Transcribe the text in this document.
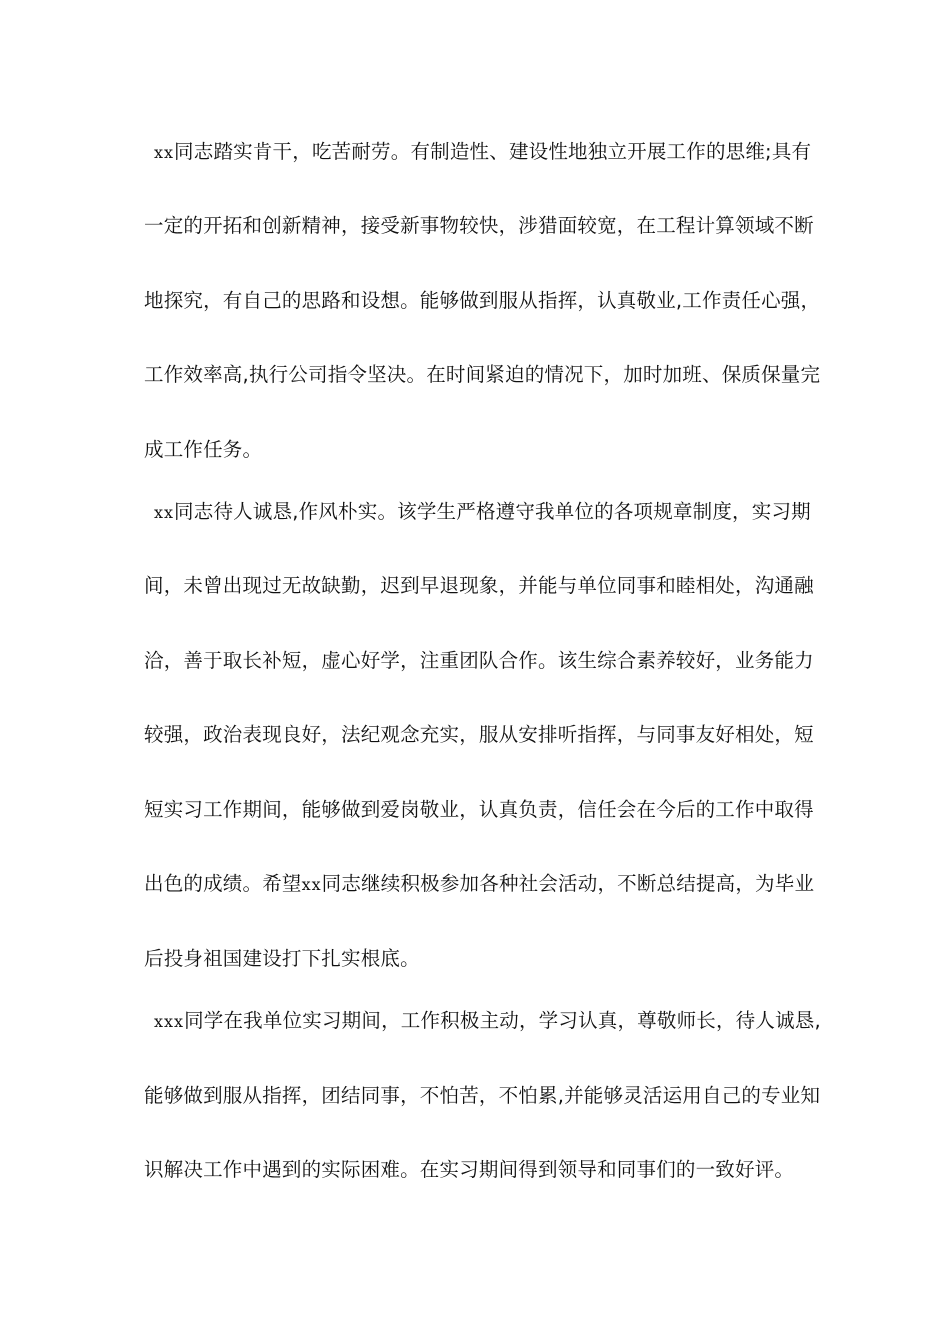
xx同志踏实肯干，吃苦耐劳。有制造性、建设性地独立开展工作的思维;具有
一定的开拓和创新精神，接受新事物较快，涉猎面较宽，在工程计算领域不断
地探究，有自己的思路和设想。能够做到服从指挥，认真敬业,工作责任心强，
工作效率高,执行公司指令坚决。在时间紧迫的情况下，加时加班、保质保量完
成工作任务。
xx同志待人诚恳,作风朴实。该学生严格遵守我单位的各项规章制度，实习期
间，未曾出现过无故缺勤，迟到早退现象，并能与单位同事和睦相处，沟通融
洽，善于取长补短，虚心好学，注重团队合作。该生综合素养较好，业务能力
较强，政治表现良好，法纪观念充实，服从安排听指挥，与同事友好相处，短
短实习工作期间，能够做到爱岗敬业，认真负责，信任会在今后的工作中取得
出色的成绩。希望xx同志继续积极参加各种社会活动，不断总结提高，为毕业
后投身祖国建设打下扎实根底。
xxx同学在我单位实习期间，工作积极主动，学习认真，尊敬师长，待人诚恳,
能够做到服从指挥，团结同事，不怕苦，不怕累,并能够灵活运用自己的专业知
识解决工作中遇到的实际困难。在实习期间得到领导和同事们的一致好评。
